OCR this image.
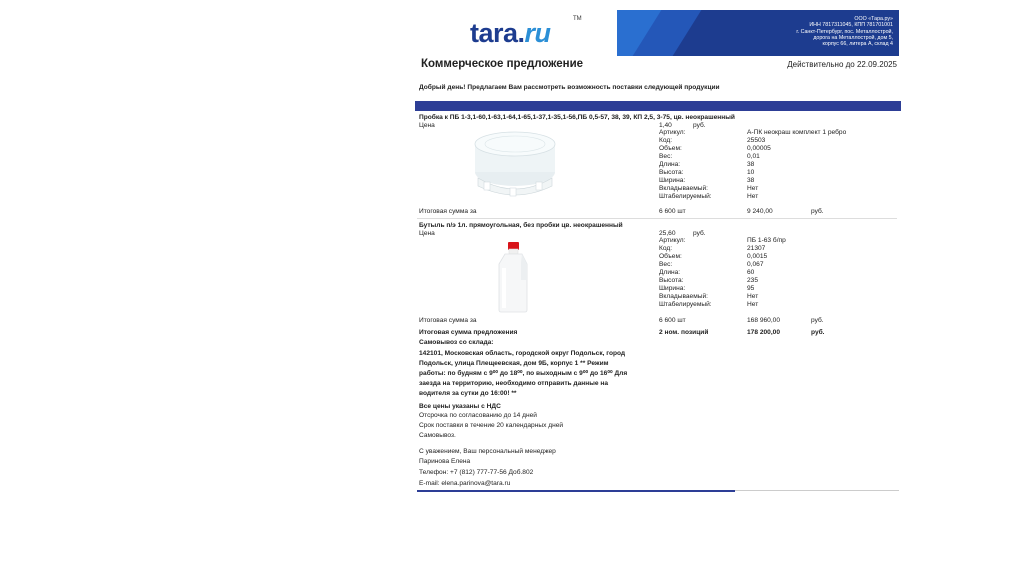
tara.ru	TM	ООО «Тара.ру»
ИНН 7817311045, КПП 781701001
г. Санкт-Петербург, пос. Металлострой,
дорога на Металлострой, дом 5,
корпус 66, литера А, склад 4
Коммерческое предложение	Действительно до 22.09.2025
Добрый день! Предлагаем Вам рассмотреть возможность поставки следующей продукции
Пробка к ПБ 1-3,1-60,1-63,1-64,1-65,1-37,1-35,1-56,ПБ 0,5-57, 38, 39, КП 2,5, 3-75, цв. неокрашенный
Цена	1,40	руб.
Артикул:	А-ПК неокраш комплект 1 ребро
Код:	25503
Объем:	0,00005
Вес:	0,01
Длина:	38
Высота:	10
Ширина:	38
Вкладываемый:	Нет
Штабелируемый:	Нет
Итоговая сумма за	6 600 шт	9 240,00	руб.
Бутыль п/э 1л. прямоугольная, без пробки цв. неокрашенный
Цена	25,60	руб.
Артикул:	ПБ 1-63 б/пр
Код:	21307
Объем:	0,0015
Вес:	0,067
Длина:	60
Высота:	235
Ширина:	95
Вкладываемый:	Нет
Штабелируемый:	Нет
Итоговая сумма за	6 600 шт	168 960,00	руб.
Итоговая сумма предложения	2 ном. позиций	178 200,00	руб.
Самовывоз со склада:
142101, Московская область, городской округ Подольск, город
Подольск, улица Плещеевская, дом 9Б, корпус 1 ** Режим
работы: по будням с 9⁰⁰ до 18⁰⁰, по выходным с 9⁰⁰ до 16⁰⁰ Для
заезда на территорию, необходимо отправить данные на
водителя за сутки до 16:00! **
Все цены указаны с НДС
Отсрочка по согласованию до 14 дней
Срок поставки в течение 20 календарных дней
Самовывоз.
С уважением, Ваш персональный менеджер
Паринова Елена
Телефон: +7 (812) 777-77-56 Доб.802
E-mail: elena.parinova@tara.ru
